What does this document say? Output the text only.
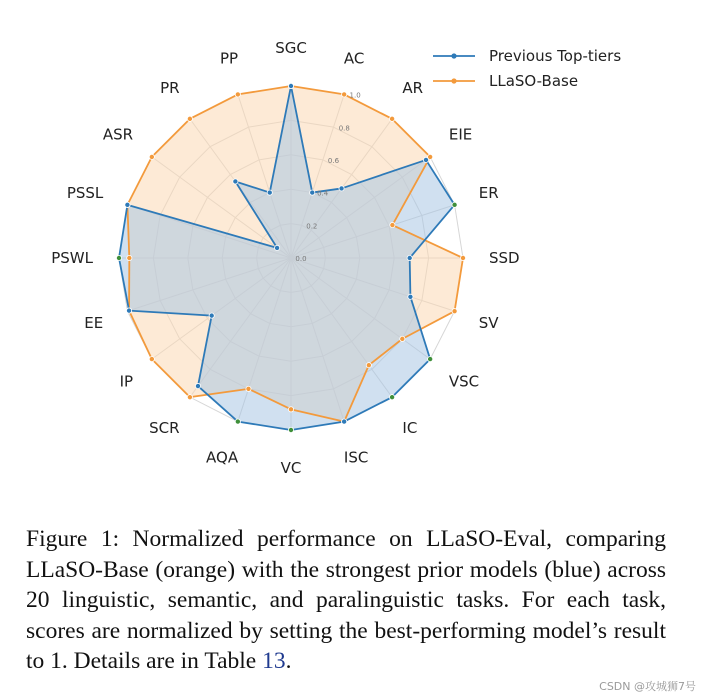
0.0
0.2
0.4
0.6
0.8
1.0
SGC
AC
AR
EIE
ER
SSD
SV
VSC
IC
ISC
VC
AQA
SCR
IP
EE
PSWL
PSSL
ASR
PR
PP	Previous Top-tiers
LLaSO-Base
Figure 1: Normalized performance on LLaSO-Eval, comparing LLaSO-Base (orange) with the strongest prior models (blue) across 20 linguistic, semantic, and paralinguistic tasks. For each task, scores are normalized by setting the best-performing model’s result to 1. Details are in Table 13.
CSDN @攻城狮7号
